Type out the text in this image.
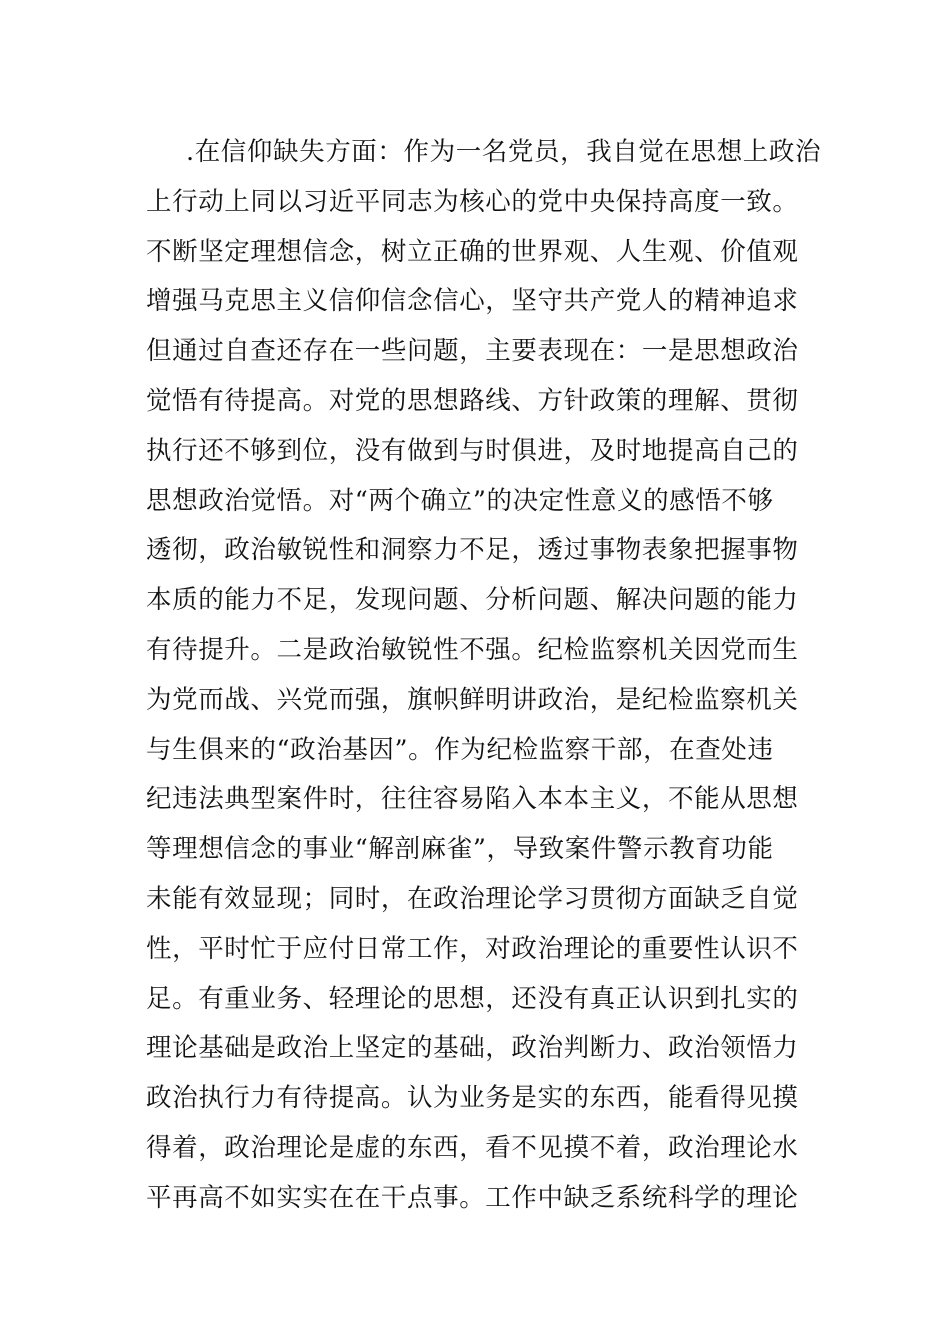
.在信仰缺失方面：作为一名党员，我自觉在思想上政治
上行动上同以习近平同志为核心的党中央保持高度一致。
不断坚定理想信念，树立正确的世界观、人生观、价值观
增强马克思主义信仰信念信心，坚守共产党人的精神追求
但通过自查还存在一些问题，主要表现在：一是思想政治
觉悟有待提高。对党的思想路线、方针政策的理解、贯彻
执行还不够到位，没有做到与时俱进，及时地提高自己的
思想政治觉悟。对“两个确立”的决定性意义的感悟不够
透彻，政治敏锐性和洞察力不足，透过事物表象把握事物
本质的能力不足，发现问题、分析问题、解决问题的能力
有待提升。二是政治敏锐性不强。纪检监察机关因党而生
为党而战、兴党而强，旗帜鲜明讲政治，是纪检监察机关
与生俱来的“政治基因”。作为纪检监察干部，在查处违
纪违法典型案件时，往往容易陷入本本主义，不能从思想
等理想信念的事业“解剖麻雀”，导致案件警示教育功能
未能有效显现；同时，在政治理论学习贯彻方面缺乏自觉
性，平时忙于应付日常工作，对政治理论的重要性认识不
足。有重业务、轻理论的思想，还没有真正认识到扎实的
理论基础是政治上坚定的基础，政治判断力、政治领悟力
政治执行力有待提高。认为业务是实的东西，能看得见摸
得着，政治理论是虚的东西，看不见摸不着，政治理论水
平再高不如实实在在干点事。工作中缺乏系统科学的理论
